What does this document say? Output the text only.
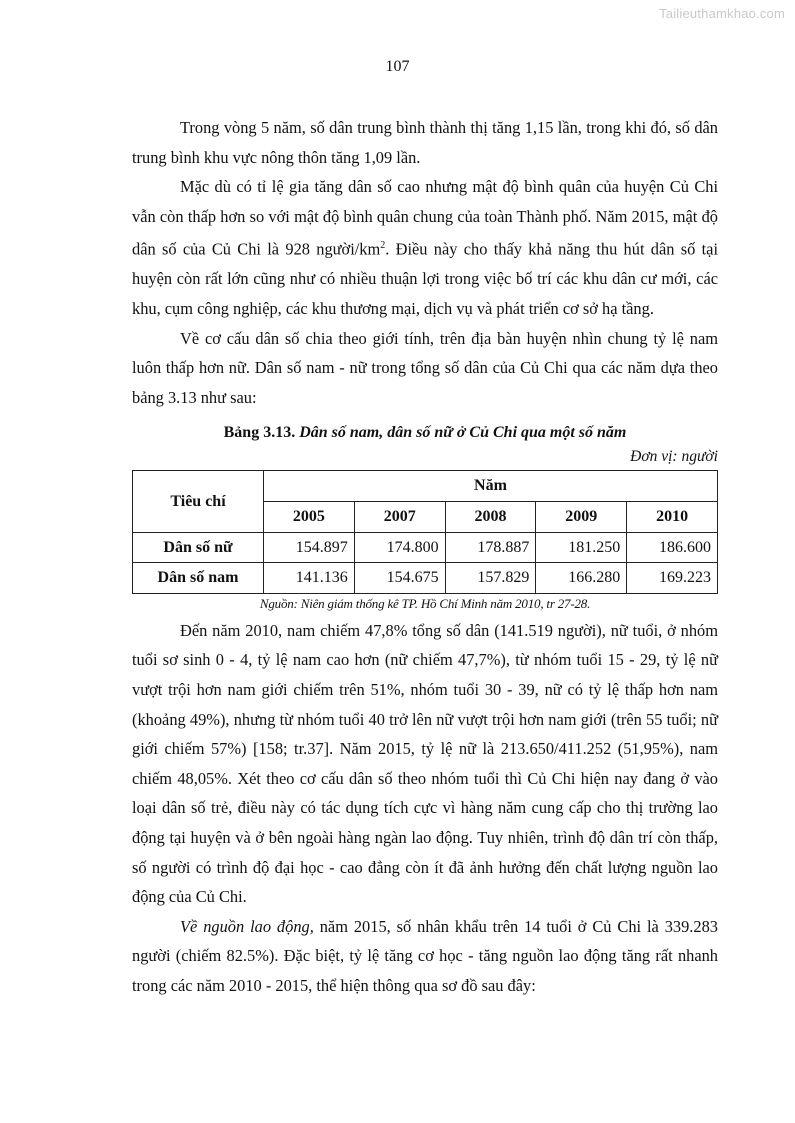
Tailieuthamkhao.com
107

Trong vòng 5 năm, số dân trung bình thành thị tăng 1,15 lần, trong khi đó, số dân trung bình khu vực nông thôn tăng 1,09 lần.

Mặc dù có tỉ lệ gia tăng dân số cao nhưng mật độ bình quân của huyện Củ Chi vẫn còn thấp hơn so với mật độ bình quân chung của toàn Thành phố. Năm 2015, mật độ dân số của Củ Chi là 928 người/$km^2$. Điều này cho thấy khả năng thu hút dân số tại huyện còn rất lớn cũng như có nhiều thuận lợi trong việc bố trí các khu dân cư mới, các khu, cụm công nghiệp, các khu thương mại, dịch vụ và phát triển cơ sở hạ tầng.

Về cơ cấu dân số chia theo giới tính, trên địa bàn huyện nhìn chung tỷ lệ nam luôn thấp hơn nữ. Dân số nam - nữ trong tổng số dân của Củ Chi qua các năm dựa theo bảng 3.13 như sau:

Bảng 3.13. Dân số nam, dân số nữ ở Củ Chi qua một số năm
Đơn vị: người
Tiêu chí	Năm				
	2005	2007	2008	2009	2010
Dân số nữ	154.897	174.800	178.887	181.250	186.600
Dân số nam	141.136	154.675	157.829	166.280	169.223
Nguồn: Niên giám thống kê TP. Hồ Chí Minh năm 2010, tr 27-28.

Đến năm 2010, nam chiếm 47,8% tổng số dân (141.519 người), nữ tuổi, ở nhóm tuổi sơ sinh 0 - 4, tỷ lệ nam cao hơn (nữ chiếm 47,7%), từ nhóm tuổi 15 - 29, tỷ lệ nữ vượt trội hơn nam giới chiếm trên 51%, nhóm tuổi 30 - 39, nữ có tỷ lệ thấp hơn nam (khoảng 49%), nhưng từ nhóm tuổi 40 trở lên nữ vượt trội hơn nam giới (trên 55 tuổi; nữ giới chiếm 57%) [158; tr.37]. Năm 2015, tỷ lệ nữ là 213.650/411.252 (51,95%), nam chiếm 48,05%. Xét theo cơ cấu dân số theo nhóm tuổi thì Củ Chi hiện nay đang ở vào loại dân số trẻ, điều này có tác dụng tích cực vì hàng năm cung cấp cho thị trường lao động tại huyện và ở bên ngoài hàng ngàn lao động. Tuy nhiên, trình độ dân trí còn thấp, số người có trình độ đại học - cao đẳng còn ít đã ảnh hưởng đến chất lượng nguồn lao động của Củ Chi.

Về nguồn lao động, năm 2015, số nhân khẩu trên 14 tuổi ở Củ Chi là 339.283 người (chiếm 82.5%). Đặc biệt, tỷ lệ tăng cơ học - tăng nguồn lao động tăng rất nhanh trong các năm 2010 - 2015, thể hiện thông qua sơ đồ sau đây:
